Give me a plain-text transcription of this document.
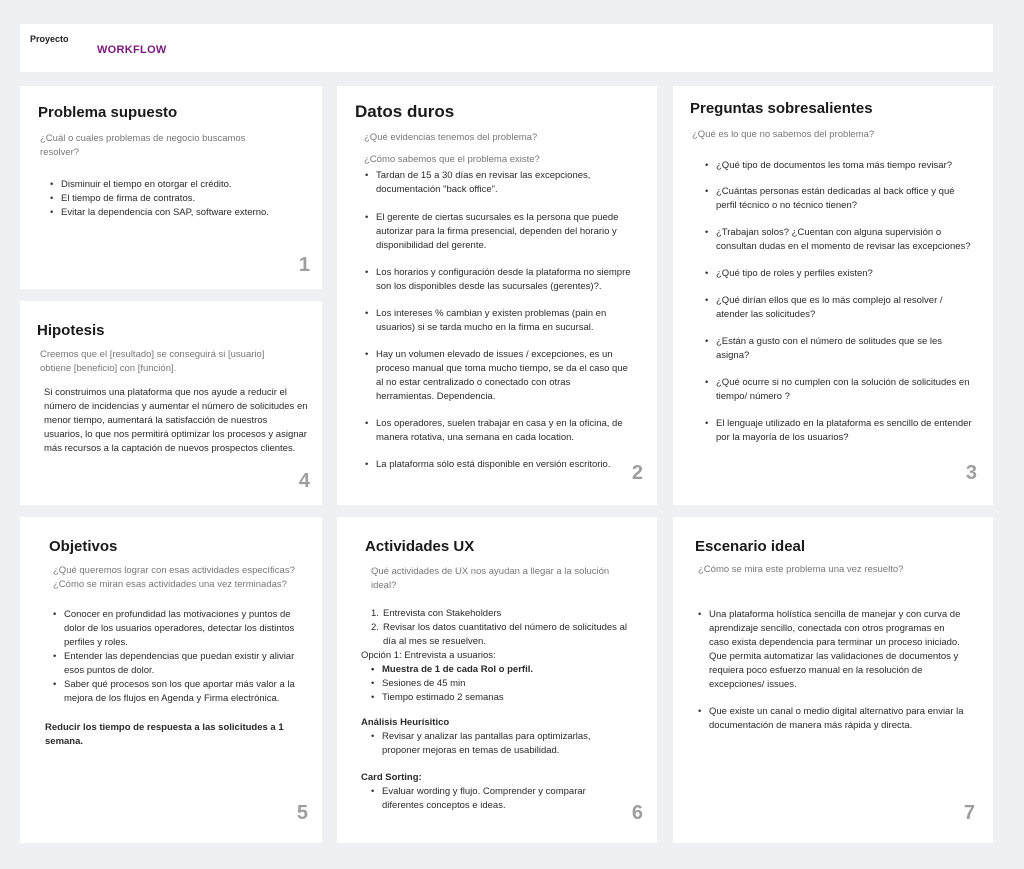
Proyecto
WORKFLOW
Problema supuesto
¿Cuál o cuales problemas de negocio buscamos resolver?
• Disminuir el tiempo en otorgar el crédito.
• El tiempo de firma de contratos.
• Evitar la dependencia con SAP, software externo.
1
Datos duros
¿Qué evidencias tenemos del problema?
¿Cómo sabemos que el problema existe?
• Tardan de 15 a 30 días en revisar las excepciones, documentación "back office".
• El gerente de ciertas sucursales es la persona que puede autorizar para la firma presencial, dependen del horario y disponibilidad del gerente.
• Los horarios y configuración desde la plataforma no siempre son los disponibles desde las sucursales (gerentes)?.
• Los intereses % cambian y existen problemas (pain en usuarios) si se tarda mucho en la firma en sucursal.
• Hay un volumen elevado de issues / excepciones, es un proceso manual que toma mucho tiempo, se da el caso que al no estar centralizado o conectado con otras herramientas. Dependencia.
• Los operadores, suelen trabajar en casa y en la oficina, de manera rotativa, una semana en cada location.
• La plataforma sólo está disponible en versión escritorio.	2
Preguntas sobresalientes
¿Qué es lo que no sabemos del problema?
• ¿Qué tipo de documentos les toma más tiempo revisar?
• ¿Cuántas personas están dedicadas al back office y qué perfil técnico o no técnico tienen?
• ¿Trabajan solos? ¿Cuentan con alguna supervisión o consultan dudas en el momento de revisar las excepciones?
• ¿Qué tipo de roles y perfiles existen?
• ¿Qué dirían ellos que es lo más complejo al resolver / atender las solicitudes?
• ¿Están a gusto con el número de solitudes que se les asigna?
• ¿Qué ocurre si no cumplen con la solución de solicitudes en tiempo/ número ?
• El lenguaje utilizado en la plataforma es sencillo de entender por la mayoría de los usuarios?
3
Hipotesis
Creemos que el [resultado] se conseguirá si [usuario] obtiene [beneficio] con [función].
Si construimos una plataforma que nos ayude a reducir el número de incidencias y aumentar el número de solicitudes en menor tiempo, aumentará la satisfacción de nuestros usuarios, lo que nos permitirá optimizar los procesos y asignar más recursos a la captación de nuevos prospectos clientes.
4
Objetivos
¿Qué queremos lograr con esas actividades específicas? ¿Cómo se miran esas actividades una vez terminadas?
• Conocer en profundidad las motivaciones y puntos de dolor de los usuarios operadores, detectar los distintos perfiles y roles.
• Entender las dependencias que puedan existir y aliviar esos puntos de dolor.
• Saber qué procesos son los que aportar más valor a la mejora de los flujos en Agenda y Firma electrónica.
Reducir los tiempo de respuesta a las solicitudes a 1 semana.
5
Actividades UX
Qué actividades de UX nos ayudan a llegar a la solución ideal?
1. Entrevista con Stakeholders
2. Revisar los datos cuantitativo del número de solicitudes al día al mes se resuelven.
Opción 1: Entrevista a usuarios:
• Muestra de 1 de cada Rol o perfil.
• Sesiones de 45 min
• Tiempo estimado 2 semanas
Análisis Heurísitico
• Revisar y analizar las pantallas para optimizarlas, proponer mejoras en temas de usabilidad.
Card Sorting:
• Evaluar wording y flujo. Comprender y comparar diferentes conceptos e ideas.	6
Escenario ideal
¿Cómo se mira este problema una vez resuelto?
• Una plataforma holística sencilla de manejar y con curva de aprendizaje sencillo, conectada con otros programas en caso exista dependencia para terminar un proceso iniciado. Que permita automatizar las validaciones de documentos y requiera poco esfuerzo manual en la resolución de excepciones/ issues.
• Que existe un canal o medio digital alternativo para enviar la documentación de manera más rápida y directa.
7
